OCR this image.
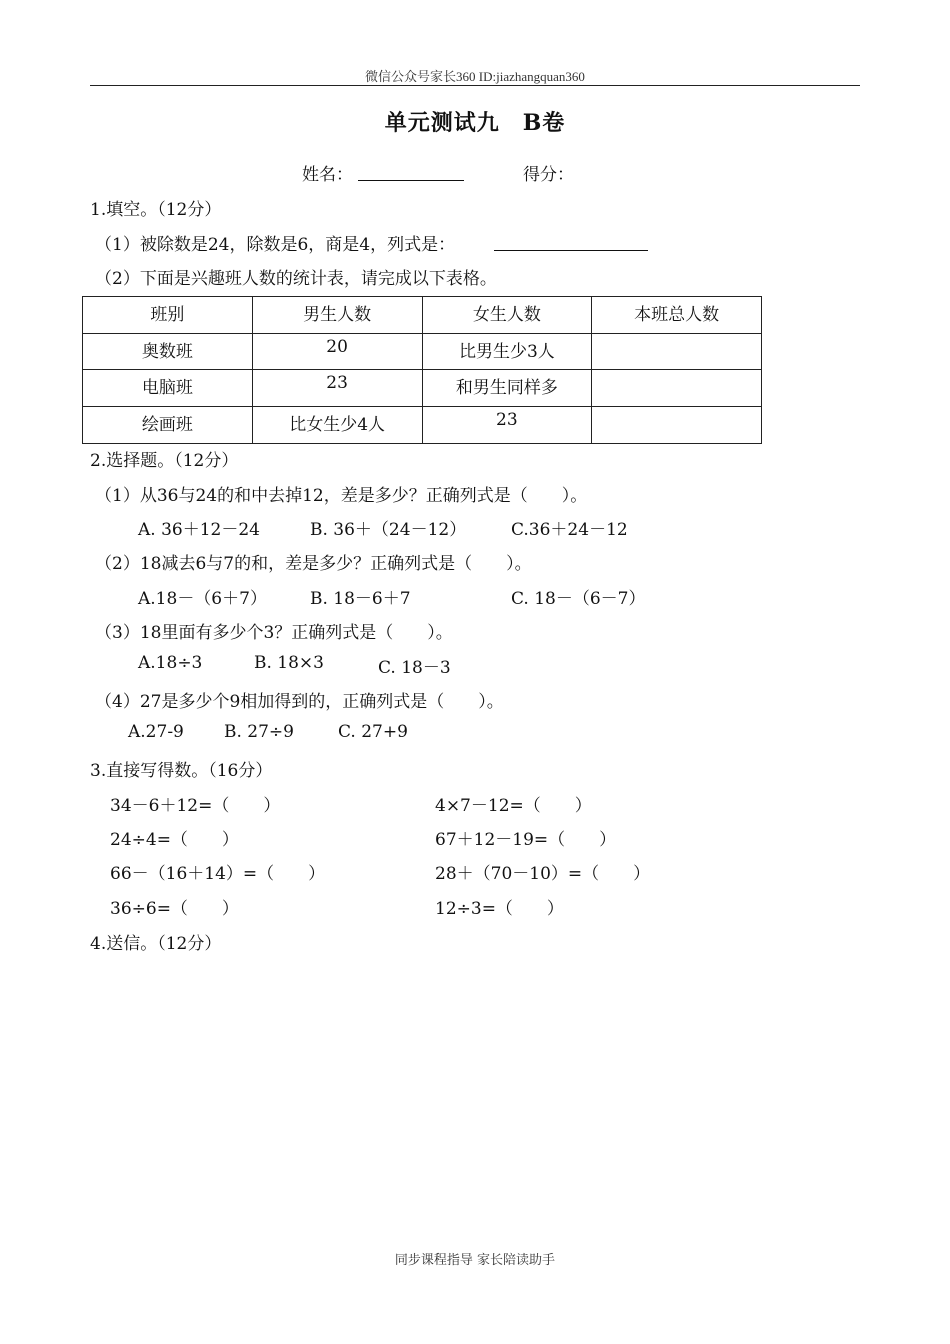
微信公众号家长360 ID:jiazhangquan360
单元测试九　B卷
姓名：	得分：
1.填空。（12分）
（1）被除数是24，除数是6，商是4，列式是：
（2）下面是兴趣班人数的统计表，请完成以下表格。
班别	男生人数	女生人数	本班总人数
奥数班	20	比男生少3人	
电脑班	23	和男生同样多	
绘画班	比女生少4人	23	
2.选择题。（12分）
（1）从36与24的和中去掉12，差是多少？正确列式是（　　）。
A. 36＋12－24	B. 36＋（24－12）	C.36＋24－12
（2）18减去6与7的和，差是多少？正确列式是（　　）。
A.18－（6＋7）	B. 18－6＋7	C. 18－（6－7）
（3）18里面有多少个3？正确列式是（　　）。
A.18÷3	B. 18×3	C. 18－3
（4）27是多少个9相加得到的，正确列式是（　　）。
A.27-9 B. 27÷9	C. 27+9
3.直接写得数。（16分）
34－6＋12=（　　）	4×7－12=（　　）
24÷4=（　　）	67＋12－19=（　　）
66－（16＋14）=（　　）	28＋（70－10）=（　　）
36÷6=（　　）	12÷3=（　　）
4.送信。（12分）
同步课程指导 家长陪读助手
